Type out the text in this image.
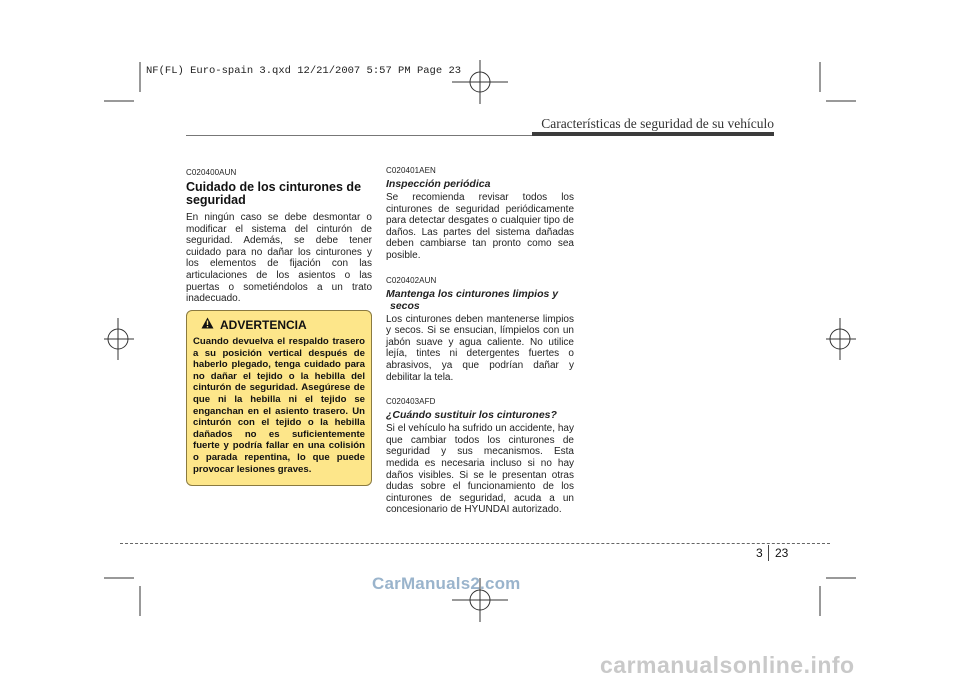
NF(FL) Euro-spain 3.qxd 12/21/2007 5:57 PM Page 23
Características de seguridad de su vehículo
C020400AUN
Cuidado de los cinturones de
seguridad
En ningún caso se debe desmontar o modificar el sistema del cinturón de seguridad. Además, se debe tener cuidado para no dañar los cinturones y los elementos de fijación con las articulaciones de los asientos o las puertas o sometiéndolos a un trato inadecuado.
ADVERTENCIA
Cuando devuelva el respaldo trasero a su posición vertical después de haberlo plegado, tenga cuidado para no dañar el tejido o la hebilla del cinturón de seguridad. Asegúrese de que ni la hebilla ni el tejido se enganchan en el asiento trasero. Un cinturón con el tejido o la hebilla dañados no es suficientemente fuerte y podría fallar en una colisión o parada repentina, lo que puede provocar lesiones graves.
C020401AEN
Inspección periódica
Se recomienda revisar todos los cinturones de seguridad periódicamente para detectar desgates o cualquier tipo de daños. Las partes del sistema dañadas deben cambiarse tan pronto como sea posible.
C020402AUN
Mantenga los cinturones limpios y
secos
Los cinturones deben mantenerse limpios y secos. Si se ensucian, límpielos con un jabón suave y agua caliente. No utilice lejía, tintes ni detergentes fuertes o abrasivos, ya que podrían dañar y debilitar la tela.
C020403AFD
¿Cuándo sustituir los cinturones?
Si el vehículo ha sufrido un accidente, hay que cambiar todos los cinturones de seguridad y sus mecanismos. Esta medida es necesaria incluso si no hay daños visibles. Si se le presentan otras dudas sobre el funcionamiento de los cinturones de seguridad, acuda a un concesionario de HYUNDAI autorizado.
3 23
CarManuals2.com
carmanualsonline.info
